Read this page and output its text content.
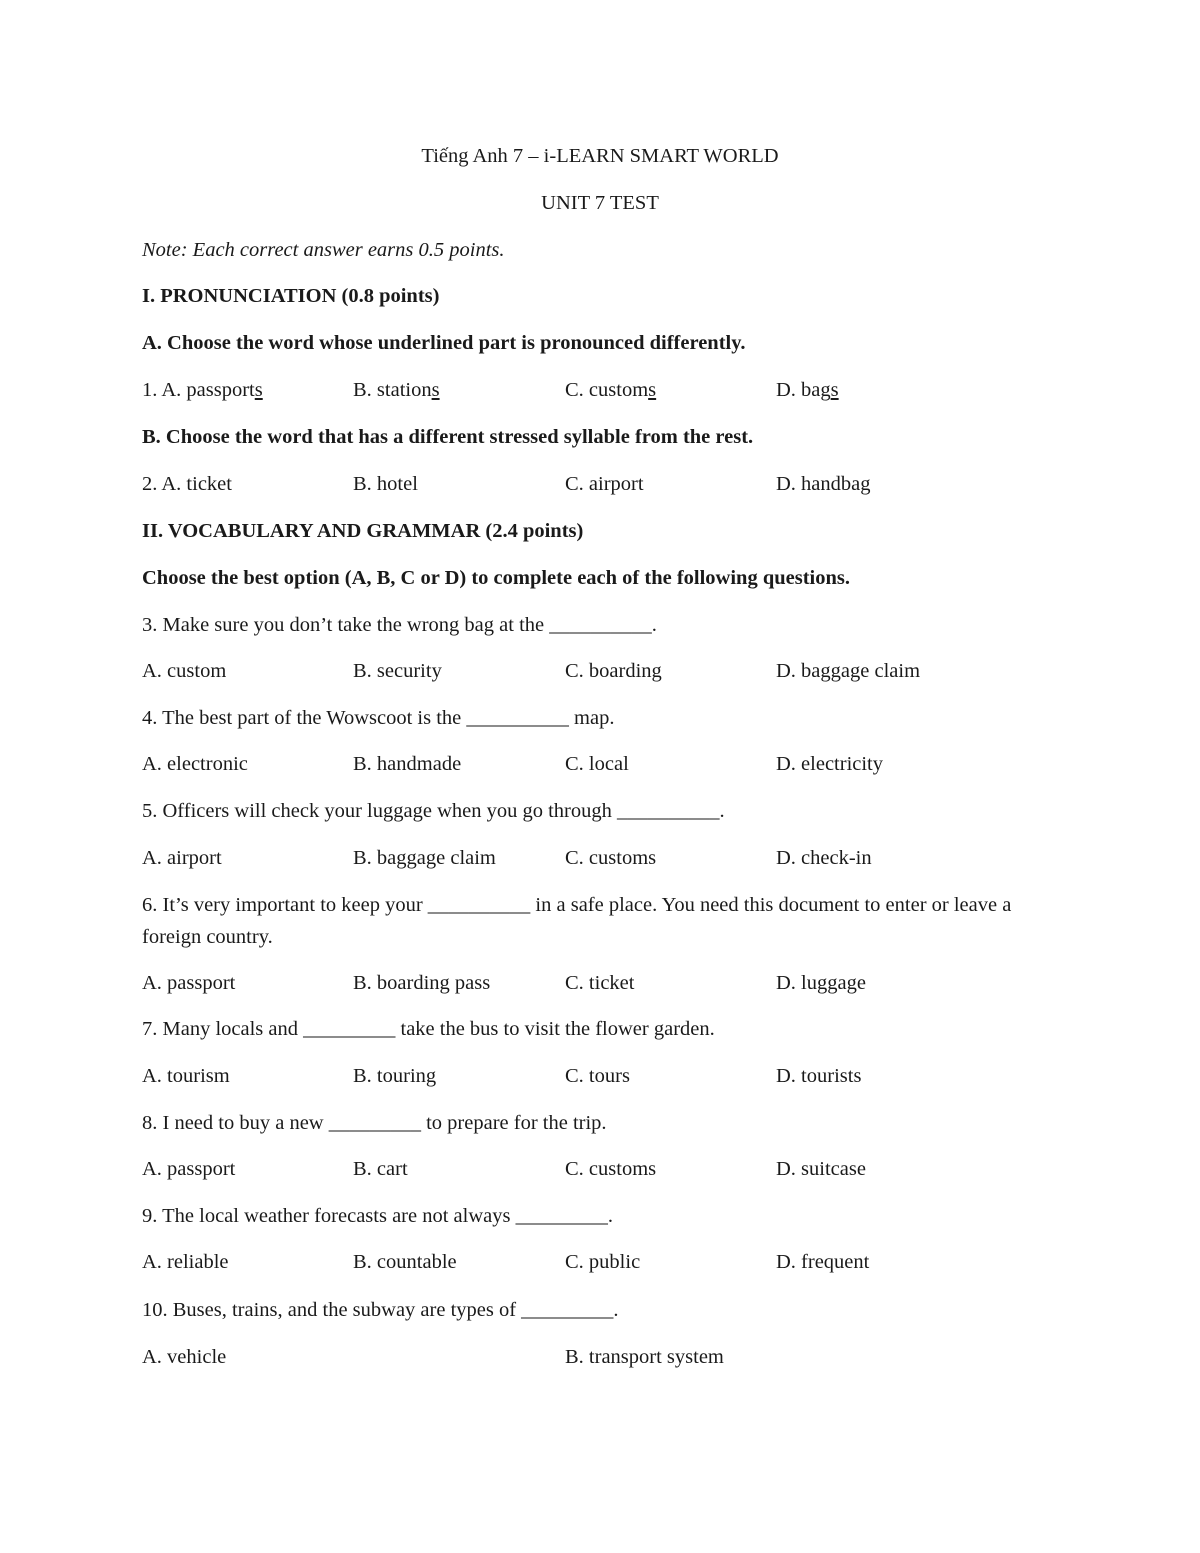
Tiếng Anh 7 – i-LEARN SMART WORLD
UNIT 7 TEST
Note: Each correct answer earns 0.5 points.
I. PRONUNCIATION (0.8 points)
A. Choose the word whose underlined part is pronounced differently.
1. A. passports	B. stations	C. customs	D. bags
B. Choose the word that has a different stressed syllable from the rest.
2. A. ticket	B. hotel	C. airport	D. handbag
II. VOCABULARY AND GRAMMAR (2.4 points)
Choose the best option (A, B, C or D) to complete each of the following questions.
3. Make sure you don’t take the wrong bag at the __________.
A. custom	B. security	C. boarding	D. baggage claim
4. The best part of the Wowscoot is the __________ map.
A. electronic	B. handmade	C. local	D. electricity
5. Officers will check your luggage when you go through __________.
A. airport	B. baggage claim	C. customs	D. check-in
6. It’s very important to keep your __________ in a safe place. You need this document to enter or leave a foreign country.
A. passport	B. boarding pass	C. ticket	D. luggage
7. Many locals and _________ take the bus to visit the flower garden.
A. tourism	B. touring	C. tours	D. tourists
8. I need to buy a new _________ to prepare for the trip.
A. passport	B. cart	C. customs	D. suitcase
9. The local weather forecasts are not always _________.
A. reliable	B. countable	C. public	D. frequent
10. Buses, trains, and the subway are types of _________.
A. vehicle	B. transport system
